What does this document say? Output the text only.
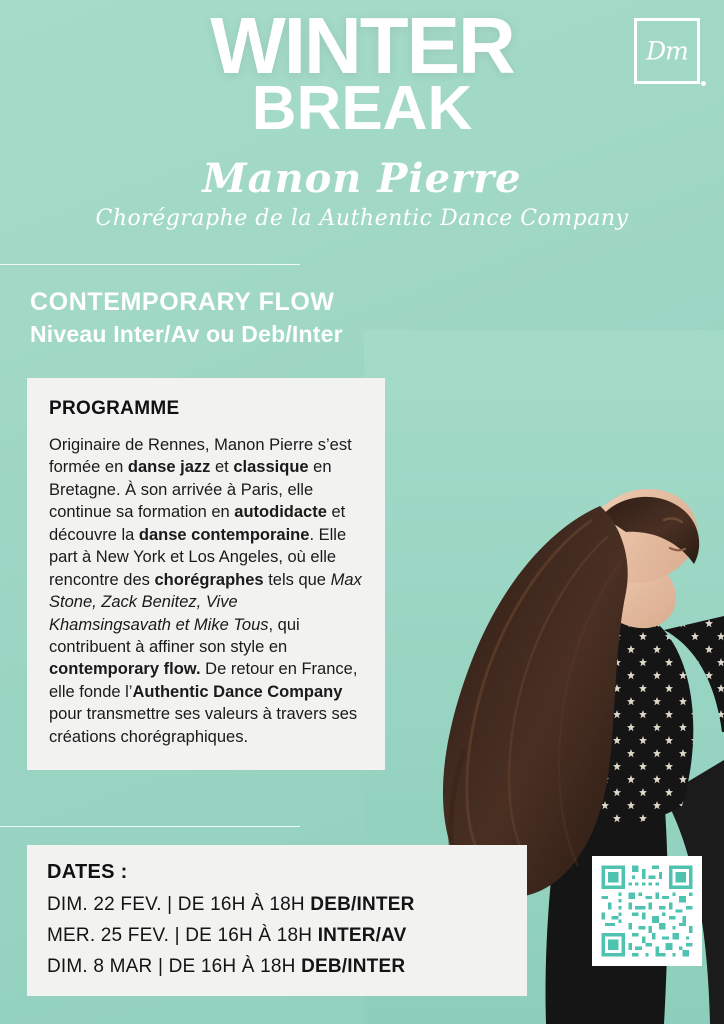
Dm
WINTER
BREAK
Manon Pierre
Chorégraphe de la Authentic Dance Company
CONTEMPORARY FLOW
Niveau Inter/Av ou Deb/Inter
PROGRAMME

Originaire de Rennes, Manon Pierre s’est formée en danse jazz et classique en Bretagne. À son arrivée à Paris, elle continue sa formation en autodidacte et découvre la danse contemporaine. Elle part à New York et Los Angeles, où elle rencontre des chorégraphes tels que Max Stone, Zack Benitez, Vive Khamsingsavath et Mike Tous, qui contribuent à affiner son style en contemporary flow. De retour en France, elle fonde l’Authentic Dance Company pour transmettre ses valeurs à travers ses créations chorégraphiques.

DATES :
DIM. 22 FEV. | DE 16H À 18H DEB/INTER
MER. 25 FEV. | DE 16H À 18H INTER/AV
DIM. 8 MAR | DE 16H À 18H DEB/INTER
